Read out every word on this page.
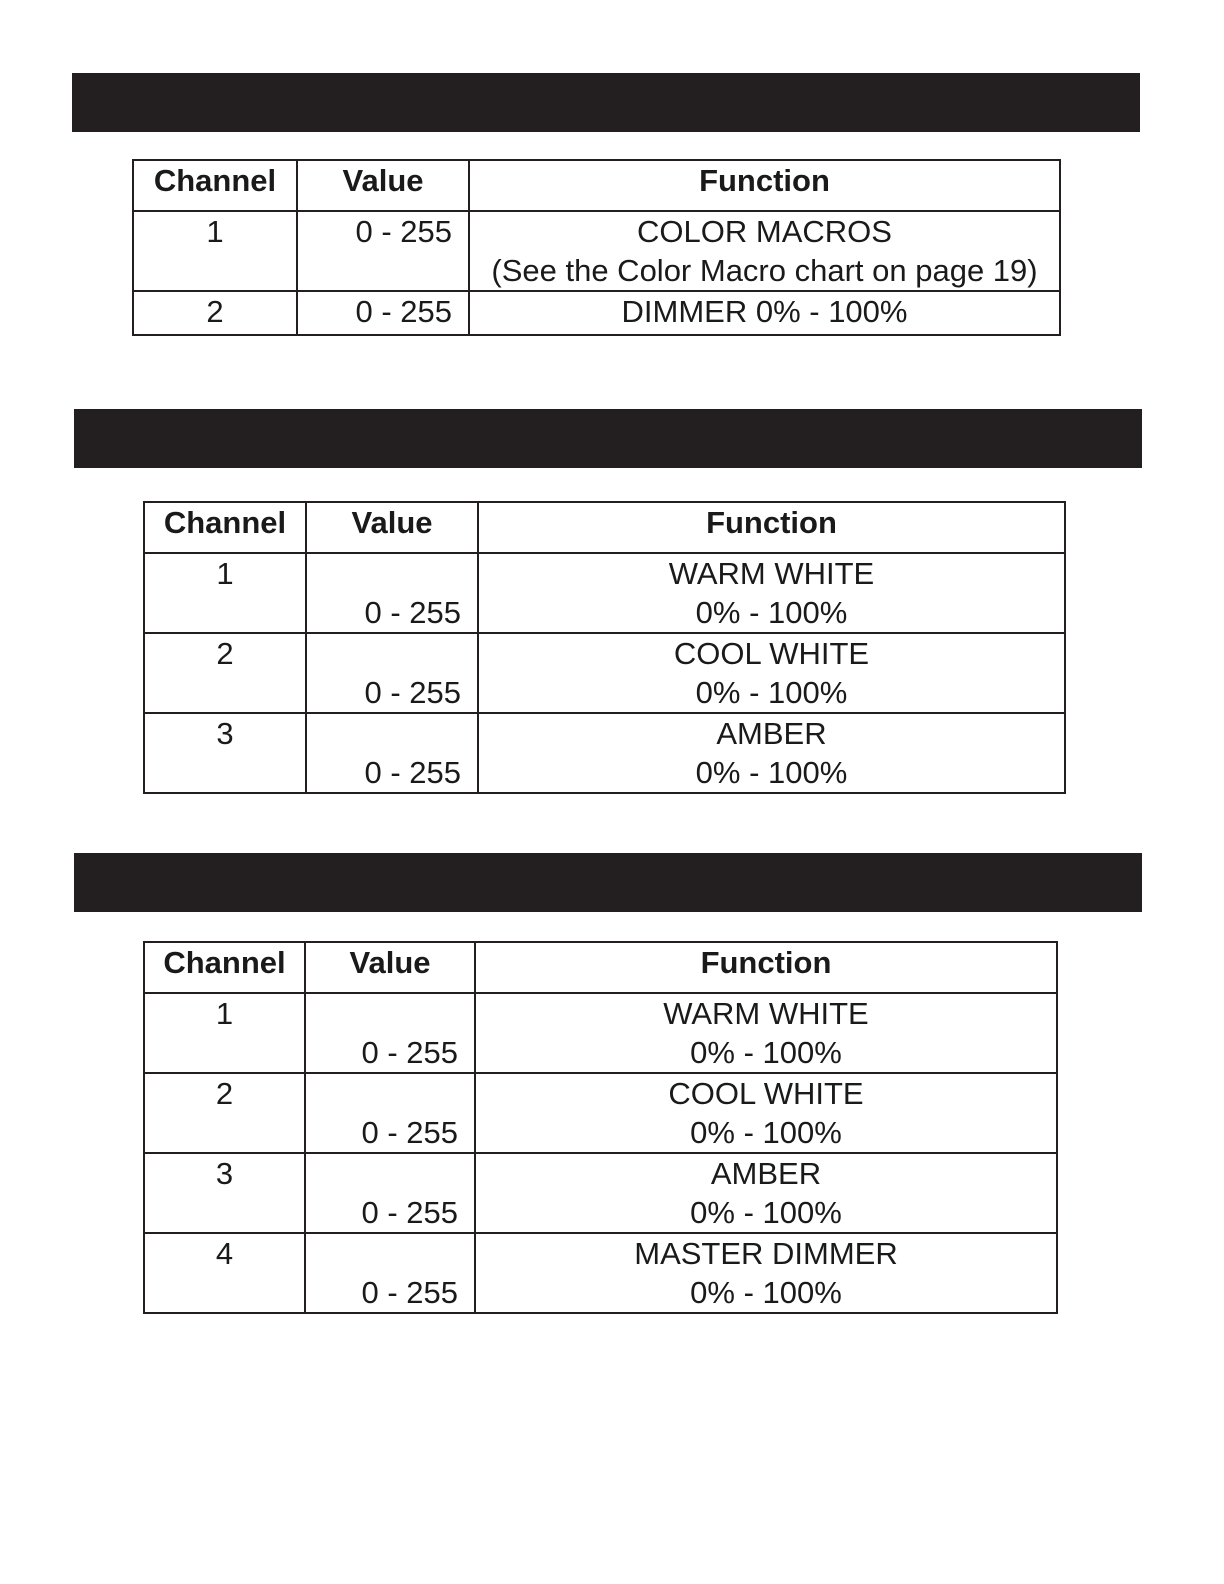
Channel	Value	Function
1	0 - 255	COLOR MACROS
(See the Color Macro chart on page 19)

2	0 - 255	DIMMER 0% - 100%
Channel	Value	Function
1	0 - 255	WARM WHITE
0% - 100%

2	0 - 255	COOL WHITE
0% - 100%

3	0 - 255	AMBER
0% - 100%
Channel	Value	Function
1	0 - 255	WARM WHITE
0% - 100%

2	0 - 255	COOL WHITE
0% - 100%

3	0 - 255	AMBER
0% - 100%

4	0 - 255	MASTER DIMMER
0% - 100%
